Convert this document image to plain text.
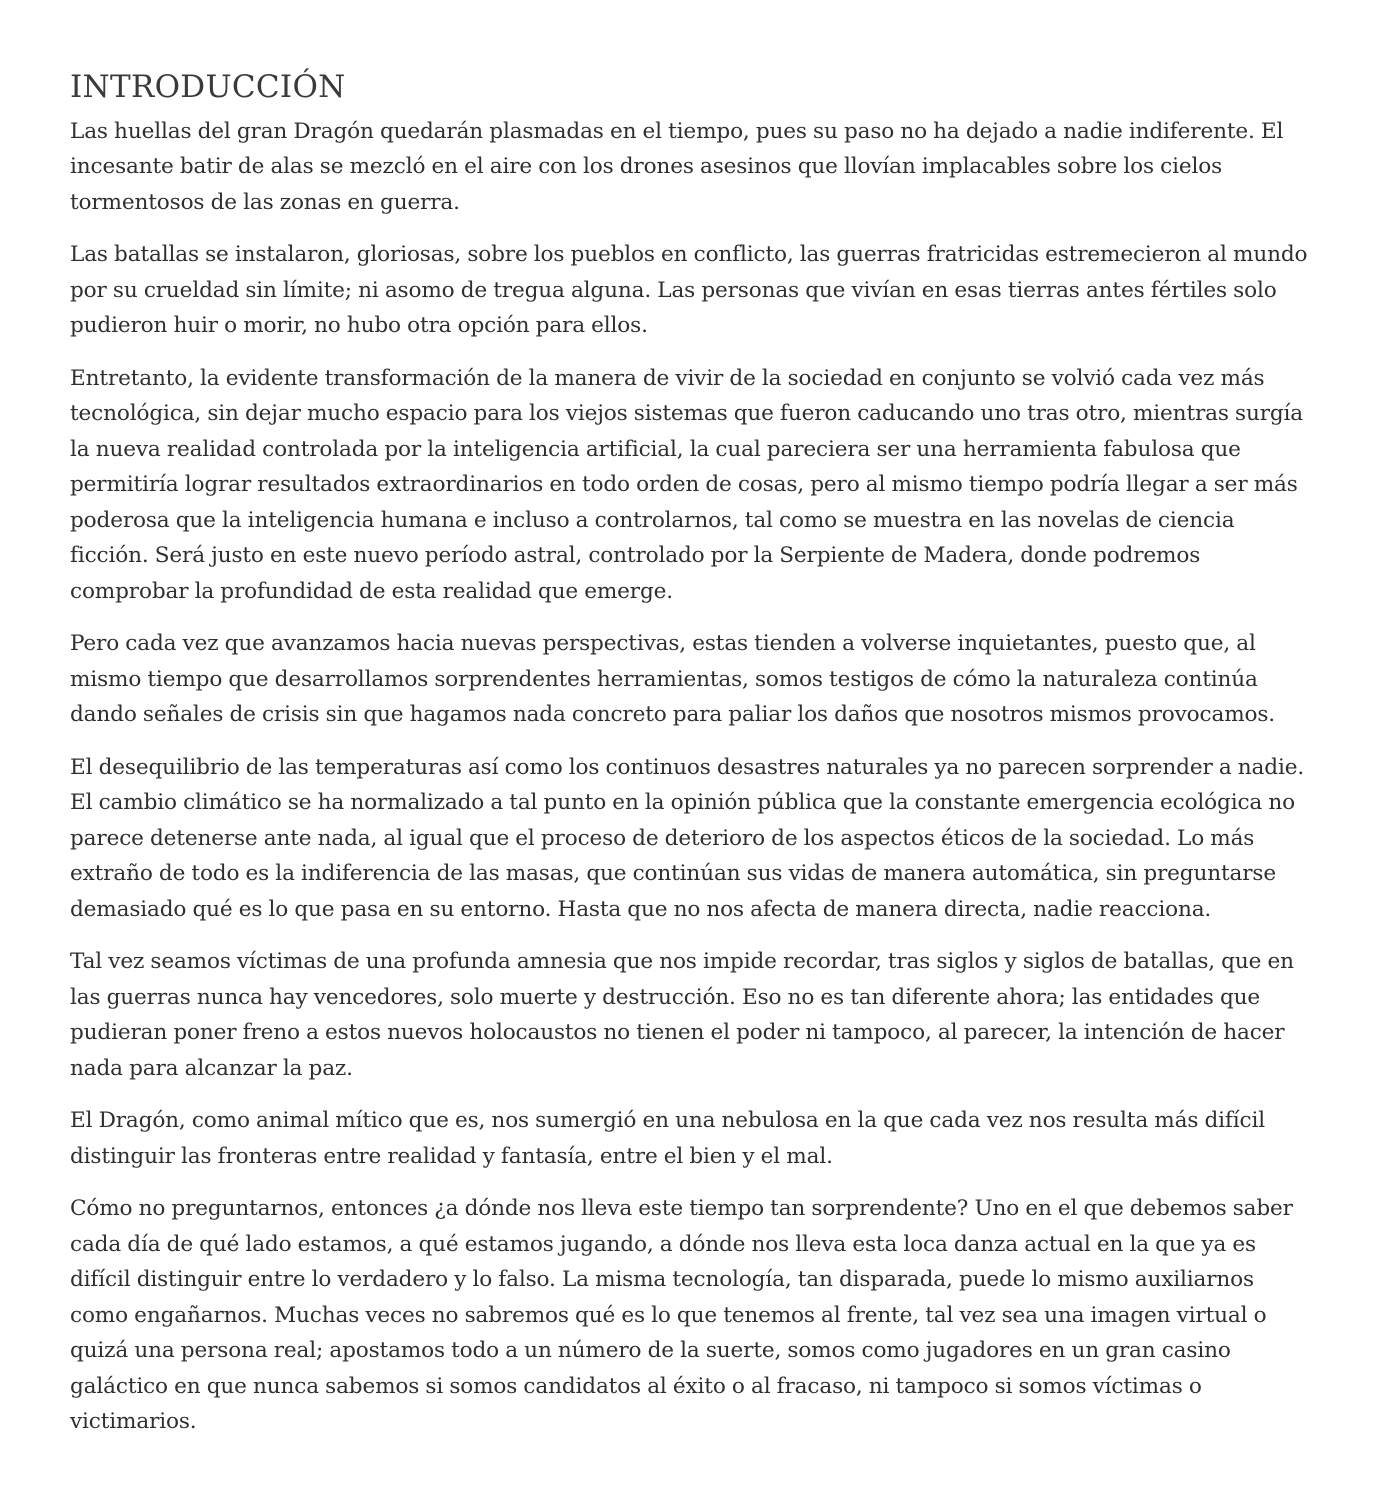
INTRODUCCIÓN

Las huellas del gran Dragón quedarán plasmadas en el tiempo, pues su paso no ha dejado a nadie indiferente. El incesante batir de alas se mezcló en el aire con los drones asesinos que llovían implacables sobre los cielos tormentosos de las zonas en guerra.

Las batallas se instalaron, gloriosas, sobre los pueblos en conflicto, las guerras fratricidas estremecieron al mundo por su crueldad sin límite; ni asomo de tregua alguna. Las personas que vivían en esas tierras antes fértiles solo pudieron huir o morir, no hubo otra opción para ellos.

Entretanto, la evidente transformación de la manera de vivir de la sociedad en conjunto se volvió cada vez más tecnológica, sin dejar mucho espacio para los viejos sistemas que fueron caducando uno tras otro, mientras surgía la nueva realidad controlada por la inteligencia artificial, la cual pareciera ser una herramienta fabulosa que permitiría lograr resultados extraordinarios en todo orden de cosas, pero al mismo tiempo podría llegar a ser más poderosa que la inteligencia humana e incluso a controlarnos, tal como se muestra en las novelas de ciencia ficción. Será justo en este nuevo período astral, controlado por la Serpiente de Madera, donde podremos comprobar la profundidad de esta realidad que emerge.

Pero cada vez que avanzamos hacia nuevas perspectivas, estas tienden a volverse inquietantes, puesto que, al mismo tiempo que desarrollamos sorprendentes herramientas, somos testigos de cómo la naturaleza continúa dando señales de crisis sin que hagamos nada concreto para paliar los daños que nosotros mismos provocamos.

El desequilibrio de las temperaturas así como los continuos desastres naturales ya no parecen sorprender a nadie. El cambio climático se ha normalizado a tal punto en la opinión pública que la constante emergencia ecológica no parece detenerse ante nada, al igual que el proceso de deterioro de los aspectos éticos de la sociedad. Lo más extraño de todo es la indiferencia de las masas, que continúan sus vidas de manera automática, sin preguntarse demasiado qué es lo que pasa en su entorno. Hasta que no nos afecta de manera directa, nadie reacciona.

Tal vez seamos víctimas de una profunda amnesia que nos impide recordar, tras siglos y siglos de batallas, que en las guerras nunca hay vencedores, solo muerte y destrucción. Eso no es tan diferente ahora; las entidades que pudieran poner freno a estos nuevos holocaustos no tienen el poder ni tampoco, al parecer, la intención de hacer nada para alcanzar la paz.

El Dragón, como animal mítico que es, nos sumergió en una nebulosa en la que cada vez nos resulta más difícil distinguir las fronteras entre realidad y fantasía, entre el bien y el mal.

Cómo no preguntarnos, entonces ¿a dónde nos lleva este tiempo tan sorprendente? Uno en el que debemos saber cada día de qué lado estamos, a qué estamos jugando, a dónde nos lleva esta loca danza actual en la que ya es difícil distinguir entre lo verdadero y lo falso. La misma tecnología, tan disparada, puede lo mismo auxiliarnos como engañarnos. Muchas veces no sabremos qué es lo que tenemos al frente, tal vez sea una imagen virtual o quizá una persona real; apostamos todo a un número de la suerte, somos como jugadores en un gran casino galáctico en que nunca sabemos si somos candidatos al éxito o al fracaso, ni tampoco si somos víctimas o victimarios.
